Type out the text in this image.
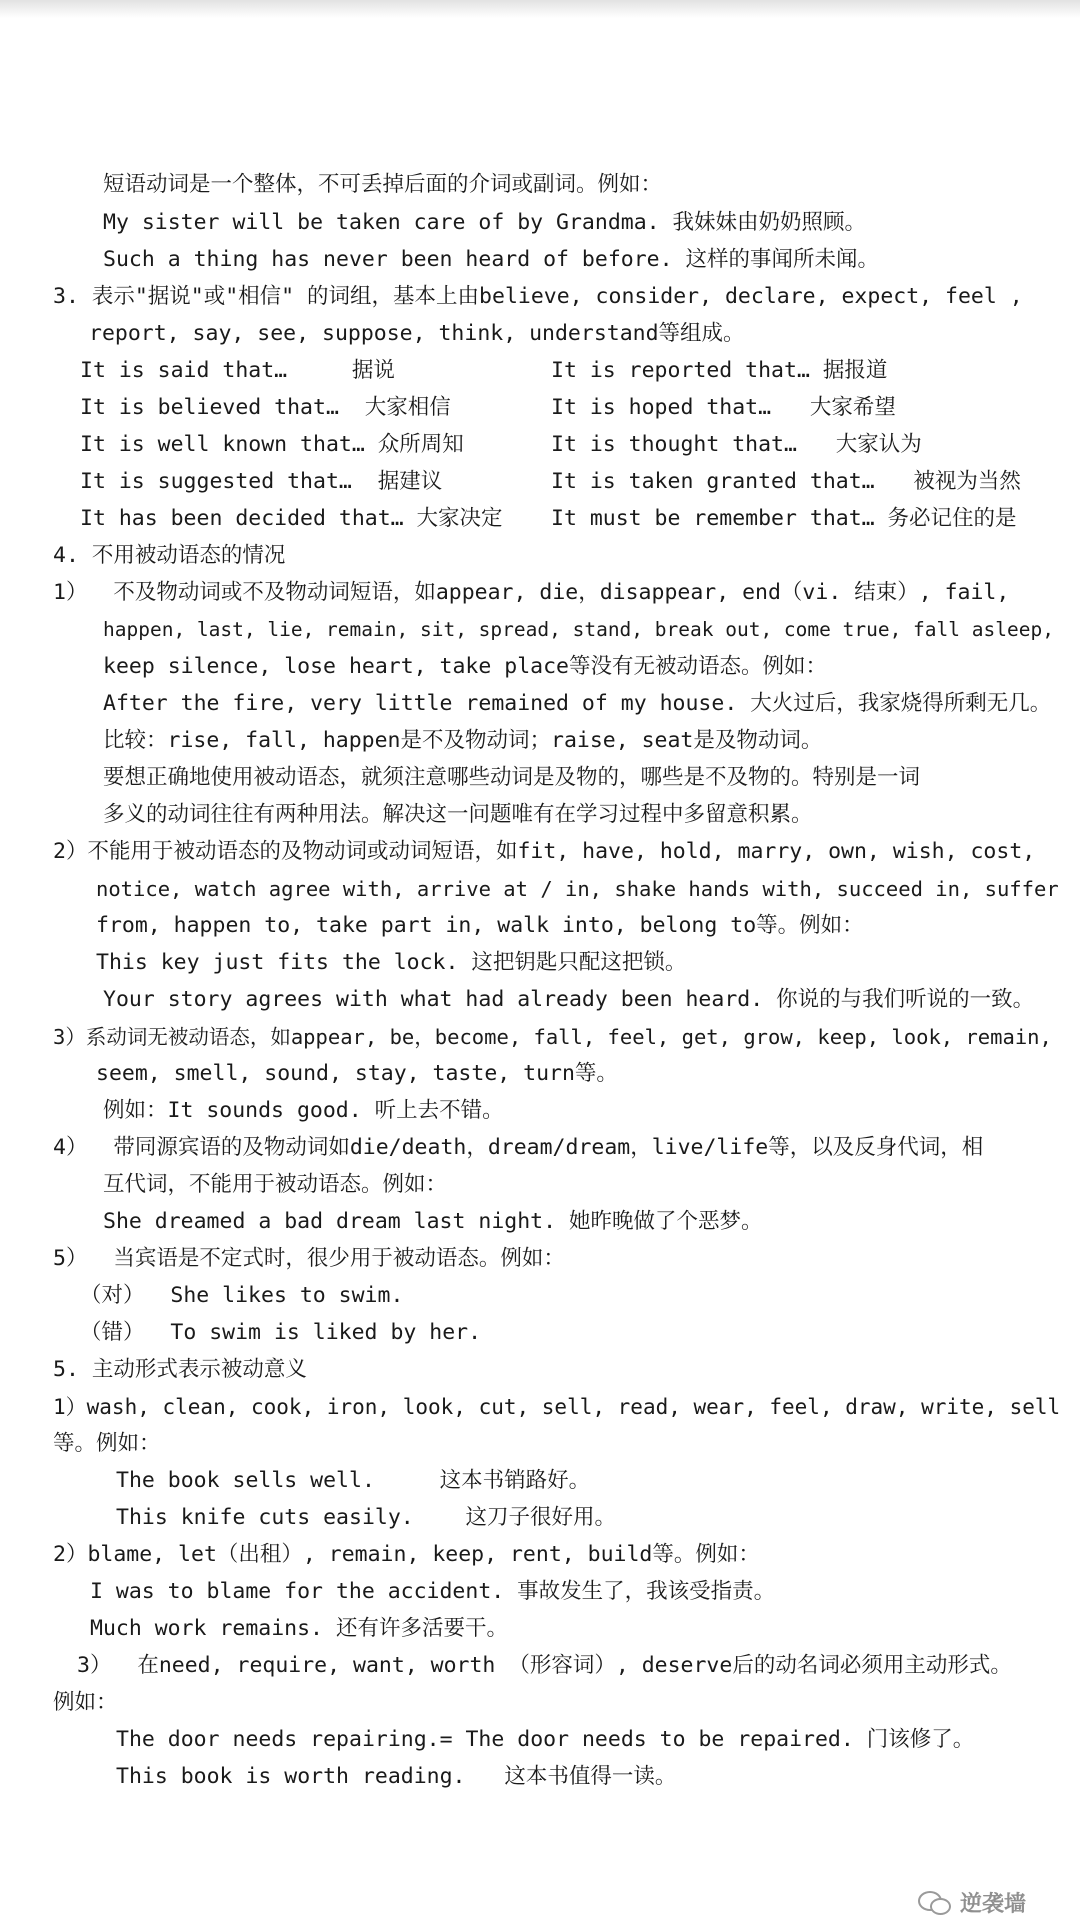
短语动词是一个整体，不可丢掉后面的介词或副词。例如：
My sister will be taken care of by Grandma. 我妹妹由奶奶照顾。
Such a thing has never been heard of before. 这样的事闻所未闻。
3. 表示"据说"或"相信" 的词组，基本上由believe, consider, declare, expect, feel ,
report, say, see, suppose, think, understand等组成。
It is said that…     据说	It is reported that… 据报道
It is believed that…  大家相信	It is hoped that…   大家希望
It is well known that… 众所周知	It is thought that…   大家认为
It is suggested that…  据建议	It is taken granted that…   被视为当然
It has been decided that… 大家决定	It must be remember that… 务必记住的是
4. 不用被动语态的情况
1）  不及物动词或不及物动词短语，如appear, die，disappear, end（vi. 结束）, fail,
happen, last, lie, remain, sit, spread, stand, break out, come true, fall asleep,
keep silence, lose heart, take place等没有无被动语态。例如：
After the fire, very little remained of my house. 大火过后，我家烧得所剩无几。
比较：rise, fall, happen是不及物动词；raise, seat是及物动词。
要想正确地使用被动语态，就须注意哪些动词是及物的，哪些是不及物的。特别是一词
多义的动词往往有两种用法。解决这一问题唯有在学习过程中多留意积累。
2）不能用于被动语态的及物动词或动词短语，如fit, have, hold, marry, own, wish, cost,
notice, watch agree with, arrive at / in, shake hands with, succeed in, suffer
from, happen to, take part in, walk into, belong to等。例如：
This key just fits the lock. 这把钥匙只配这把锁。
Your story agrees with what had already been heard. 你说的与我们听说的一致。
3）系动词无被动语态，如appear, be，become, fall, feel, get, grow, keep, look, remain,
seem, smell, sound, stay, taste, turn等。
例如：It sounds good. 听上去不错。
4）  带同源宾语的及物动词如die/death，dream/dream，live/life等，以及反身代词，相
互代词，不能用于被动语态。例如：
She dreamed a bad dream last night. 她昨晚做了个恶梦。
5）  当宾语是不定式时，很少用于被动语态。例如：
（对）  She likes to swim.
（错）  To swim is liked by her.
5. 主动形式表示被动意义
1）wash, clean, cook, iron, look, cut, sell, read, wear, feel, draw, write, sell
等。例如：
The book sells well.     这本书销路好。
This knife cuts easily.    这刀子很好用。
2）blame, let（出租）, remain, keep, rent, build等。例如：
I was to blame for the accident. 事故发生了，我该受指责。
Much work remains. 还有许多活要干。
3）  在need, require, want, worth （形容词）, deserve后的动名词必须用主动形式。
例如：
The door needs repairing.= The door needs to be repaired. 门该修了。
This book is worth reading.   这本书值得一读。
逆袭墙
